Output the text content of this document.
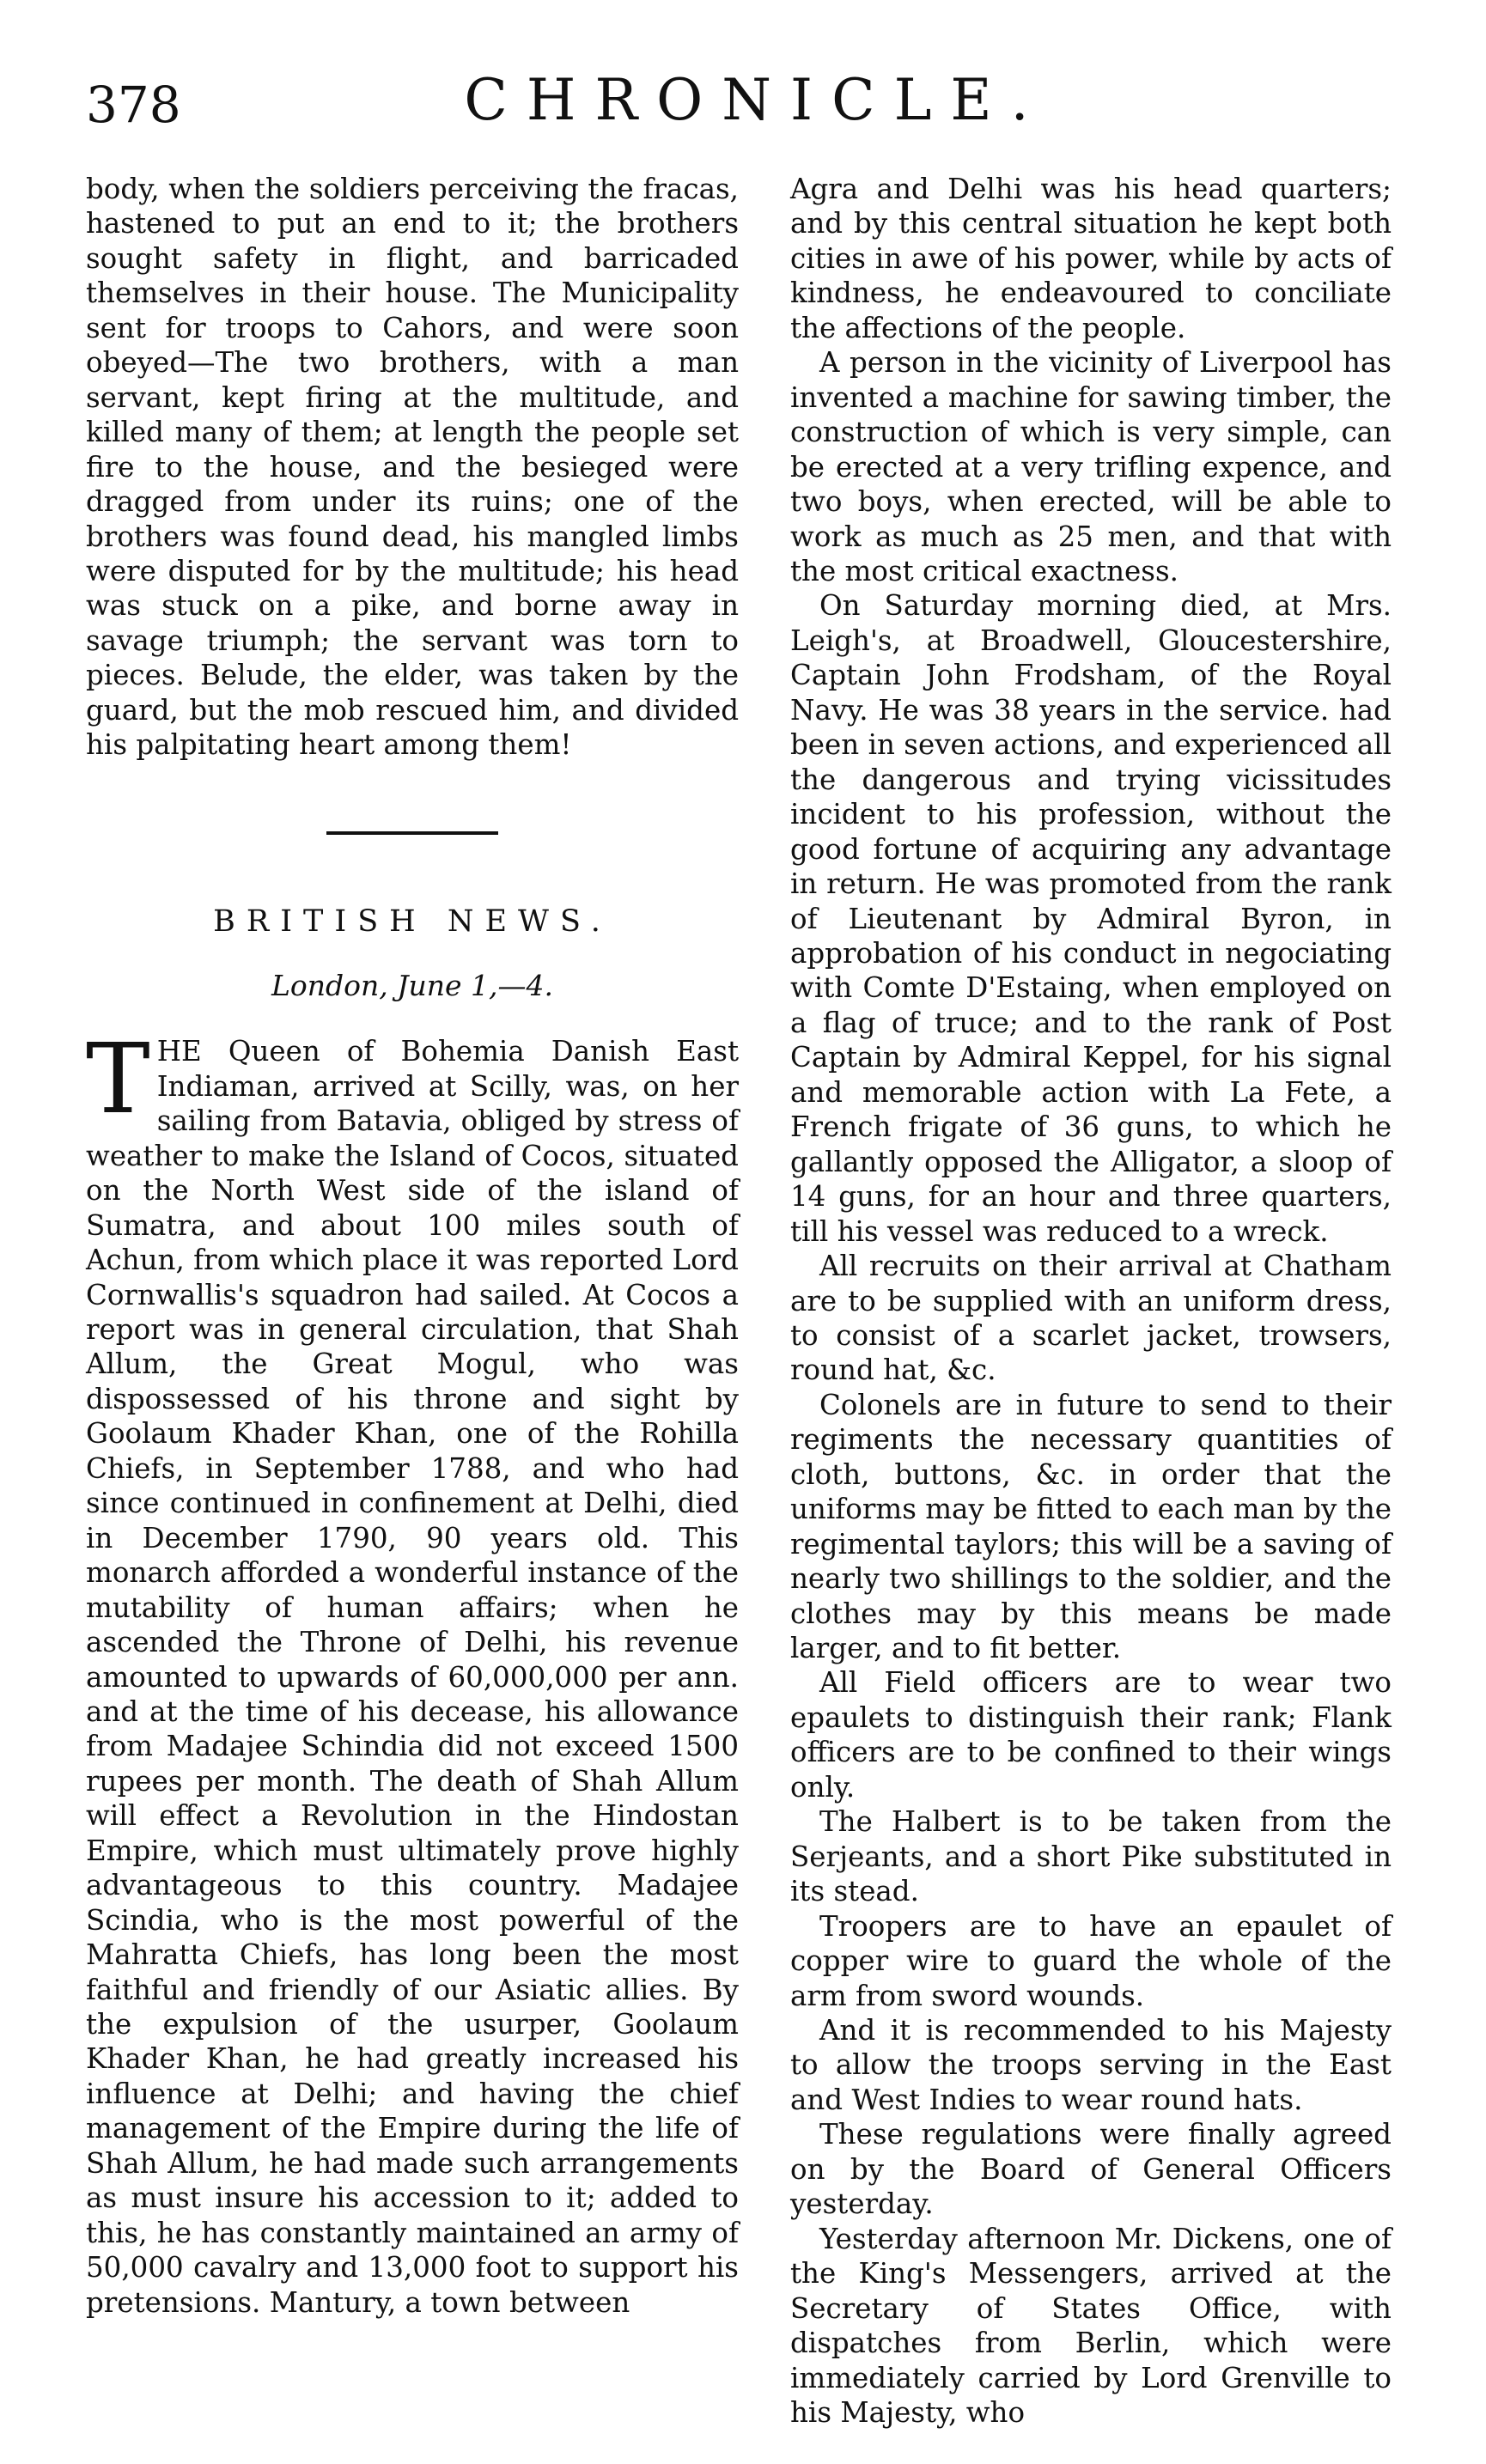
378	CHRONICLE.

body, when the soldiers perceiving the fracas, hastened to put an end to it; the brothers sought safety in flight, and barricaded themselves in their house. The Municipality sent for troops to Cahors, and were soon obeyed—The two brothers, with a man servant, kept firing at the multitude, and killed many of them; at length the people set fire to the house, and the besieged were dragged from under its ruins; one of the brothers was found dead, his mangled limbs were disputed for by the multitude; his head was stuck on a pike, and borne away in savage triumph; the servant was torn to pieces. Belude, the elder, was taken by the guard, but the mob rescued him, and divided his palpitating heart among them!

BRITISH NEWS.
London, June 1,—4.

THE Queen of Bohemia Danish East Indiaman, arrived at Scilly, was, on her sailing from Batavia, obliged by stress of weather to make the Island of Cocos, situated on the North West side of the island of Sumatra, and about 100 miles south of Achun, from which place it was reported Lord Cornwallis's squadron had sailed. At Cocos a report was in general circulation, that Shah Allum, the Great Mogul, who was dispossessed of his throne and sight by Goolaum Khader Khan, one of the Rohilla Chiefs, in September 1788, and who had since continued in confinement at Delhi, died in December 1790, 90 years old. This monarch afforded a wonderful instance of the mutability of human affairs; when he ascended the Throne of Delhi, his revenue amounted to upwards of 60,000,000 per ann. and at the time of his decease, his allowance from Madajee Schindia did not exceed 1500 rupees per month. The death of Shah Allum will effect a Revolution in the Hindostan Empire, which must ultimately prove highly advantageous to this country. Madajee Scindia, who is the most powerful of the Mahratta Chiefs, has long been the most faithful and friendly of our Asiatic allies. By the expulsion of the usurper, Goolaum Khader Khan, he had greatly increased his influence at Delhi; and having the chief management of the Empire during the life of Shah Allum, he had made such arrangements as must insure his accession to it; added to this, he has constantly maintained an army of 50,000 cavalry and 13,000 foot to support his pretensions. Mantury, a town between

Agra and Delhi was his head quarters; and by this central situation he kept both cities in awe of his power, while by acts of kindness, he endeavoured to conciliate the affections of the people.

A person in the vicinity of Liverpool has invented a machine for sawing timber, the construction of which is very simple, can be erected at a very trifling expence, and two boys, when erected, will be able to work as much as 25 men, and that with the most critical exactness.

On Saturday morning died, at Mrs. Leigh's, at Broadwell, Gloucestershire, Captain John Frodsham, of the Royal Navy. He was 38 years in the service. had been in seven actions, and experienced all the dangerous and trying vicissitudes incident to his profession, without the good fortune of acquiring any advantage in return. He was promoted from the rank of Lieutenant by Admiral Byron, in approbation of his conduct in negociating with Comte D'Estaing, when employed on a flag of truce; and to the rank of Post Captain by Admiral Keppel, for his signal and memorable action with La Fete, a French frigate of 36 guns, to which he gallantly opposed the Alligator, a sloop of 14 guns, for an hour and three quarters, till his vessel was reduced to a wreck.

All recruits on their arrival at Chatham are to be supplied with an uniform dress, to consist of a scarlet jacket, trowsers, round hat, &c.

Colonels are in future to send to their regiments the necessary quantities of cloth, buttons, &c. in order that the uniforms may be fitted to each man by the regimental taylors; this will be a saving of nearly two shillings to the soldier, and the clothes may by this means be made larger, and to fit better.

All Field officers are to wear two epaulets to distinguish their rank; Flank officers are to be confined to their wings only.

The Halbert is to be taken from the Serjeants, and a short Pike substituted in its stead.

Troopers are to have an epaulet of copper wire to guard the whole of the arm from sword wounds.

And it is recommended to his Majesty to allow the troops serving in the East and West Indies to wear round hats.

These regulations were finally agreed on by the Board of General Officers yesterday.

Yesterday afternoon Mr. Dickens, one of the King's Messengers, arrived at the Secretary of States Office, with dispatches from Berlin, which were immediately carried by Lord Grenville to his Majesty, who
